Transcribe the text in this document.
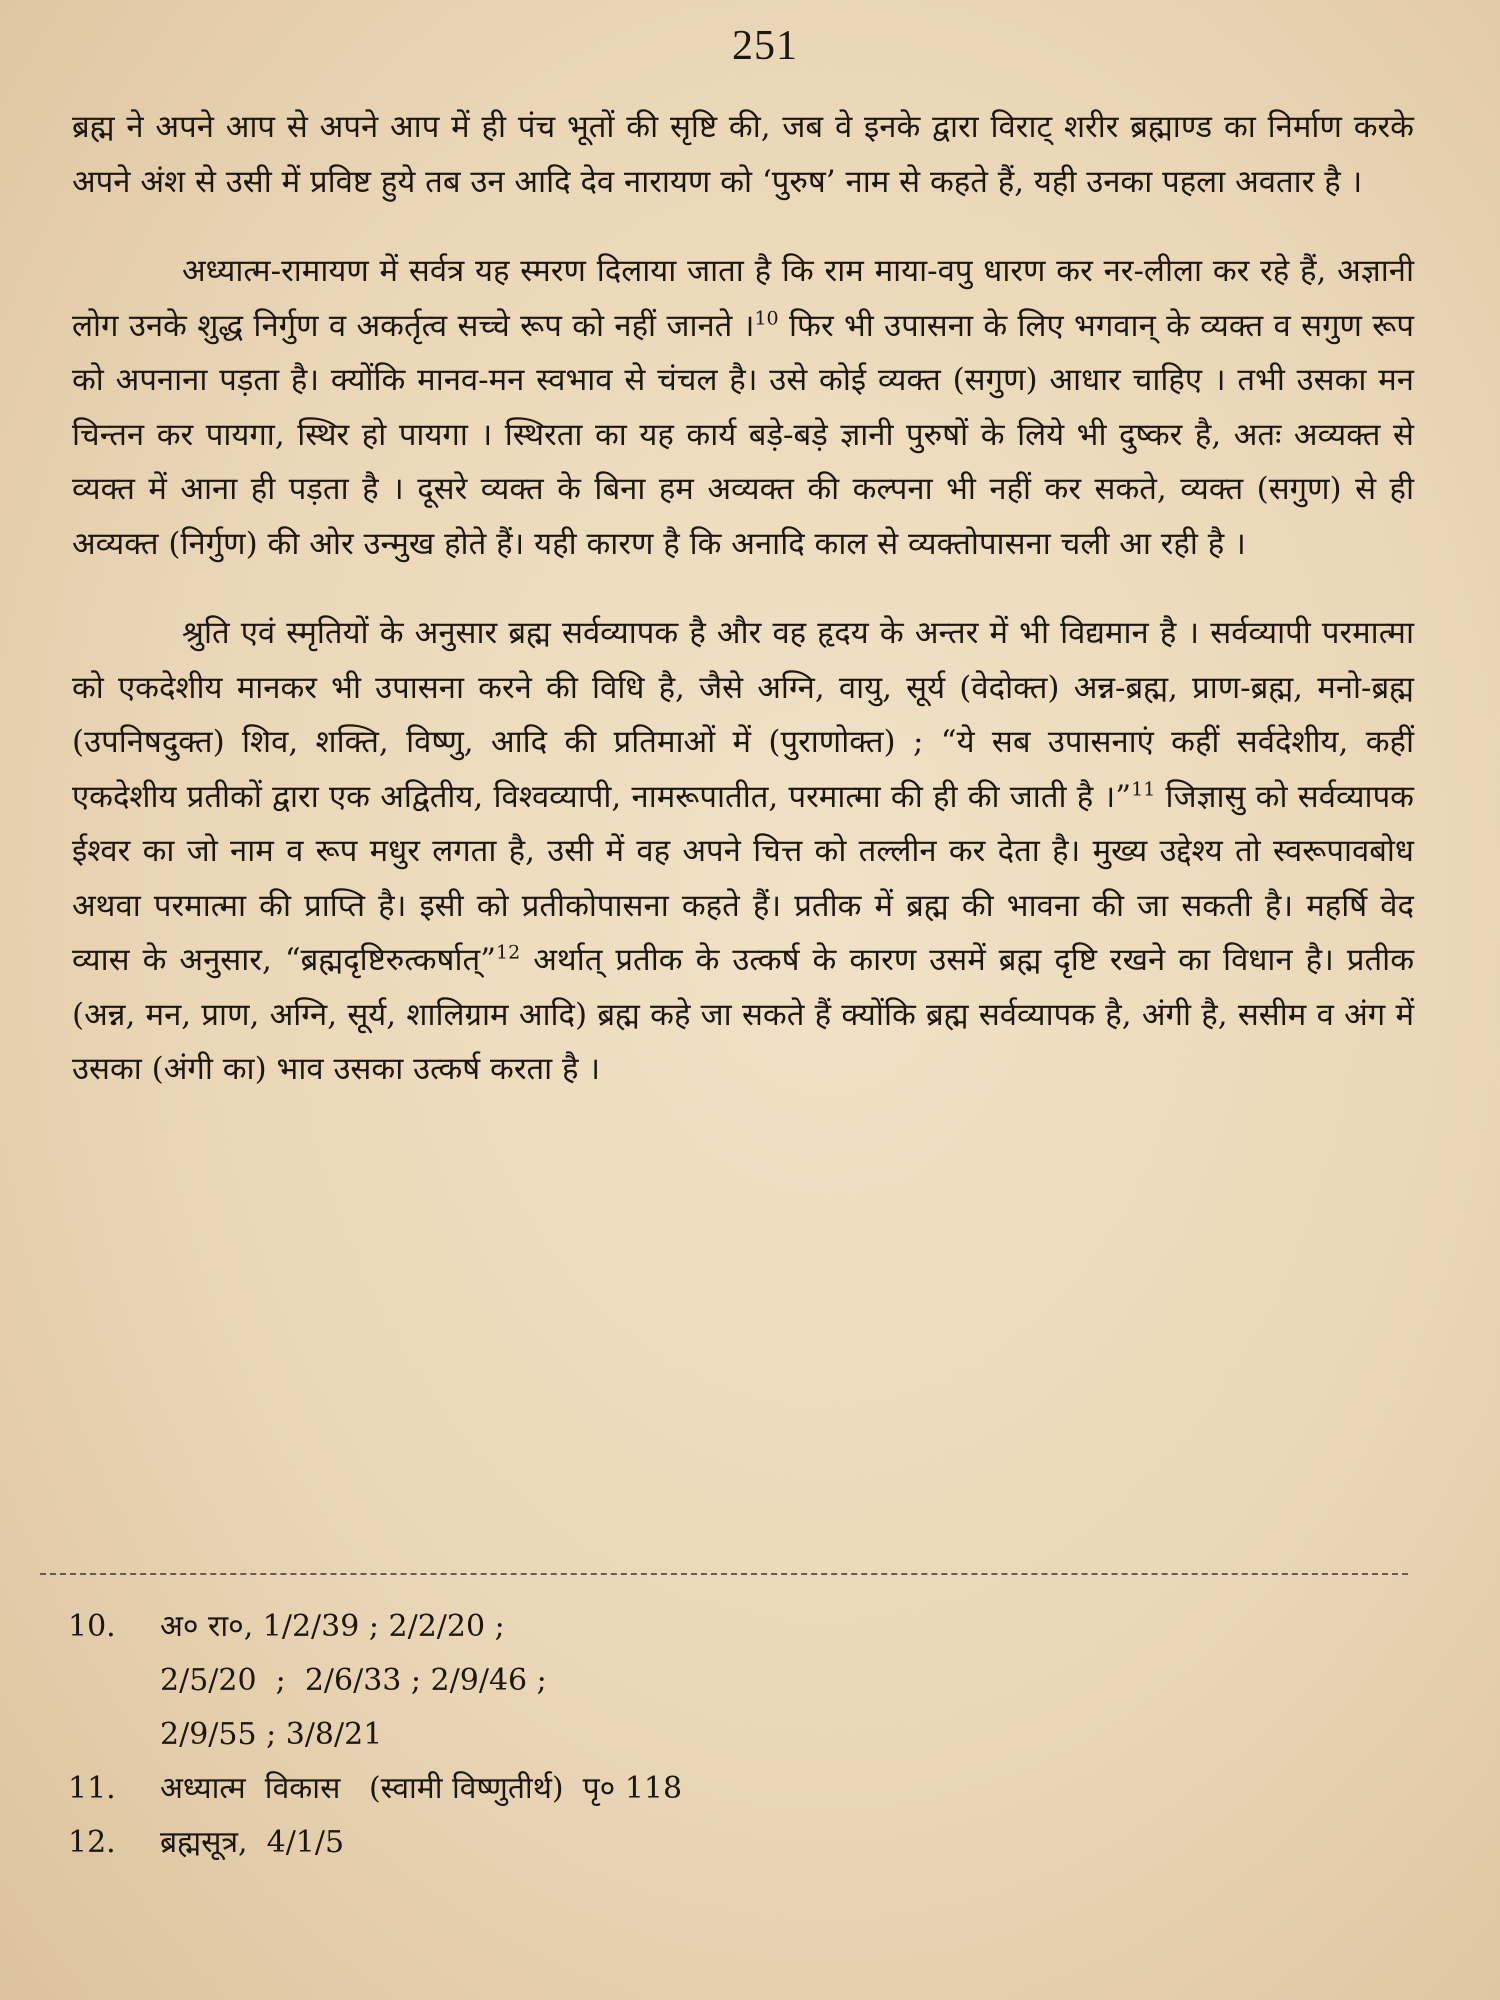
251

ब्रह्म ने अपने आप से अपने आप में ही पंच भूतों की सृष्टि की, जब वे इनके द्वारा विराट् शरीर ब्रह्माण्ड का निर्माण करके अपने अंश से उसी में प्रविष्ट हुये तब उन आदि देव नारायण को ‘पुरुष’ नाम से कहते हैं, यही उनका पहला अवतार है ।

अध्यात्म-रामायण में सर्वत्र यह स्मरण दिलाया जाता है कि राम माया-वपु धारण कर नर-लीला कर रहे हैं, अज्ञानी लोग उनके शुद्ध निर्गुण व अकर्तृत्व सच्चे रूप को नहीं जानते ।$^{10}$ फिर भी उपासना के लिए भगवान् के व्यक्त व सगुण रूप को अपनाना पड़ता है। क्योंकि मानव-मन स्वभाव से चंचल है। उसे कोई व्यक्त (सगुण) आधार चाहिए । तभी उसका मन चिन्तन कर पायगा, स्थिर हो पायगा । स्थिरता का यह कार्य बड़े-बड़े ज्ञानी पुरुषों के लिये भी दुष्कर है, अतः अव्यक्त से व्यक्त में आना ही पड़ता है । दूसरे व्यक्त के बिना हम अव्यक्त की कल्पना भी नहीं कर सकते, व्यक्त (सगुण) से ही अव्यक्त (निर्गुण) की ओर उन्मुख होते हैं। यही कारण है कि अनादि काल से व्यक्तोपासना चली आ रही है ।

श्रुति एवं स्मृतियों के अनुसार ब्रह्म सर्वव्यापक है और वह हृदय के अन्तर में भी विद्यमान है । सर्वव्यापी परमात्मा को एकदेशीय मानकर भी उपासना करने की विधि है, जैसे अग्नि, वायु, सूर्य (वेदोक्त) अन्न-ब्रह्म, प्राण-ब्रह्म, मनो-ब्रह्म (उपनिषदुक्त) शिव, शक्ति, विष्णु, आदि की प्रतिमाओं में (पुराणोक्त) ; “ये सब उपासनाएं कहीं सर्वदेशीय, कहीं एकदेशीय प्रतीकों द्वारा एक अद्वितीय, विश्वव्यापी, नामरूपातीत, परमात्मा की ही की जाती है ।”$^{11}$ जिज्ञासु को सर्वव्यापक ईश्वर का जो नाम व रूप मधुर लगता है, उसी में वह अपने चित्त को तल्लीन कर देता है। मुख्य उद्देश्य तो स्वरूपावबोध अथवा परमात्मा की प्राप्ति है। इसी को प्रतीकोपासना कहते हैं। प्रतीक में ब्रह्म की भावना की जा सकती है। महर्षि वेद व्यास के अनुसार, “ब्रह्मदृष्टिरुत्कर्षात्”$^{12}$ अर्थात् प्रतीक के उत्कर्ष के कारण उसमें ब्रह्म दृष्टि रखने का विधान है। प्रतीक (अन्न, मन, प्राण, अग्नि, सूर्य, शालिग्राम आदि) ब्रह्म कहे जा सकते हैं क्योंकि ब्रह्म सर्वव्यापक है, अंगी है, ससीम व अंग में उसका (अंगी का) भाव उसका उत्कर्ष करता है ।

10. अ० रा०, 1/2/39 ; 2/2/20 ;
2/5/20  ;  2/6/33 ; 2/9/46 ;
2/9/55 ; 3/8/21
11. अध्यात्म  विकास   (स्वामी विष्णुतीर्थ)  पृ० 118
12. ब्रह्मसूत्र,  4/1/5
